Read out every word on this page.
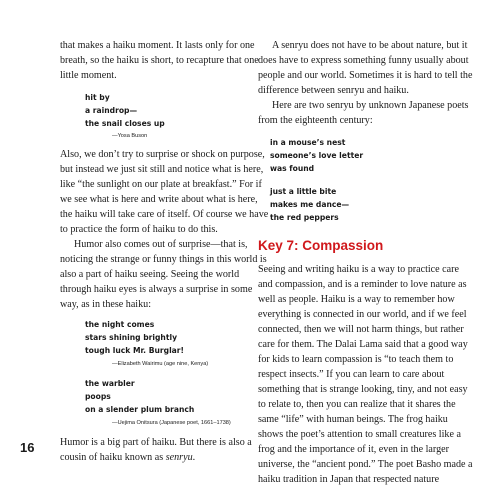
that makes a haiku moment. It lasts only for one breath, so the haiku is short, to recapture that one little moment.

hit by
a raindrop—
the snail closes up
—Yosa Buson

Also, we don’t try to surprise or shock on purpose, but instead we just sit still and notice what is here, like “the sunlight on our plate at breakfast.” For if we see what is here and write about what is here, the haiku will take care of itself. Of course we have to practice the form of haiku to do this.

Humor also comes out of surprise—that is, noticing the strange or funny things in this world is also a part of haiku seeing. Seeing the world through haiku eyes is always a surprise in some way, as in these haiku:

the night comes
stars shining brightly
tough luck Mr. Burglar!
—Elizabeth Wairimu (age nine, Kenya)
the warbler
poops
on a slender plum branch
—Uejima Onitsura (Japanese poet, 1661–1738)

Humor is a big part of haiku. But there is also a cousin of haiku known as senryu.

A senryu does not have to be about nature, but it does have to express something funny usually about people and our world. Sometimes it is hard to tell the difference between senryu and haiku.

Here are two senryu by unknown Japanese poets from the eighteenth century:

in a mouse’s nest
someone’s love letter
was found
just a little bite
makes me dance—
the red peppers
Key 7: Compassion

Seeing and writing haiku is a way to practice care and compassion, and is a reminder to love nature as well as people. Haiku is a way to remember how everything is connected in our world, and if we feel connected, then we will not harm things, but rather care for them. The Dalai Lama said that a good way for kids to learn compassion is “to teach them to respect insects.” If you can learn to care about something that is strange looking, tiny, and not easy to relate to, then you can realize that it shares the same “life” with human beings. The frog haiku shows the poet’s attention to small creatures like a frog and the importance of it, even in the larger universe, the “ancient pond.” The poet Basho made a haiku tradition in Japan that respected nature

16
